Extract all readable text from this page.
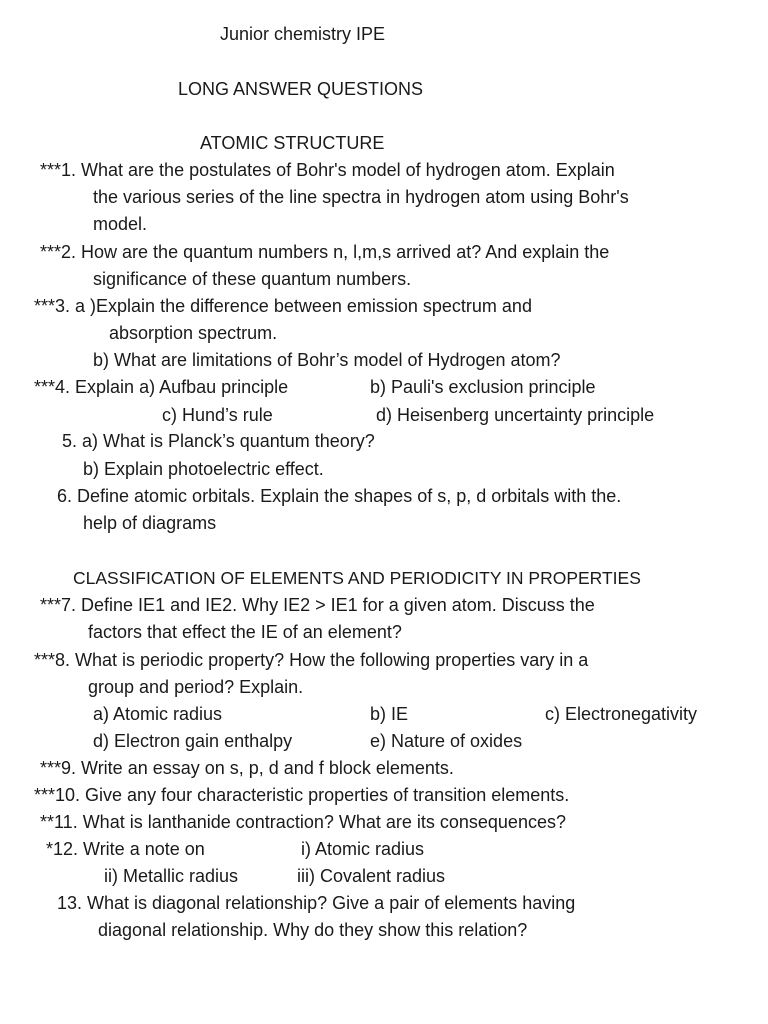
Junior chemistry IPE
LONG ANSWER QUESTIONS
ATOMIC STRUCTURE
***1. What are the postulates of Bohr's model of hydrogen atom. Explain
the various series of the line spectra in hydrogen atom using Bohr's
model.
***2. How are the quantum numbers n, l,m,s arrived at? And explain the
significance of these quantum numbers.
***3. a )Explain the difference between emission spectrum and
absorption spectrum.
b) What are limitations of Bohr’s model of Hydrogen atom?
***4. Explain a) Aufbau principle	b) Pauli's exclusion principle
c) Hund’s rule	d) Heisenberg uncertainty principle
5. a) What is Planck’s quantum theory?
b) Explain photoelectric effect.
6. Define atomic orbitals. Explain the shapes of s, p, d orbitals with the.
help of diagrams
CLASSIFICATION OF ELEMENTS AND PERIODICITY IN PROPERTIES
***7. Define IE1 and IE2. Why IE2 > IE1 for a given atom. Discuss the
factors that effect the IE of an element?
***8. What is periodic property? How the following properties vary in a
group and period? Explain.
a) Atomic radius	b) IE	c) Electronegativity
d) Electron gain enthalpy	e) Nature of oxides
***9. Write an essay on s, p, d and f block elements.
***10. Give any four characteristic properties of transition elements.
**11. What is lanthanide contraction? What are its consequences?
*12. Write a note on	i) Atomic radius
ii) Metallic radius	iii) Covalent radius
13. What is diagonal relationship? Give a pair of elements having
diagonal relationship. Why do they show this relation?
